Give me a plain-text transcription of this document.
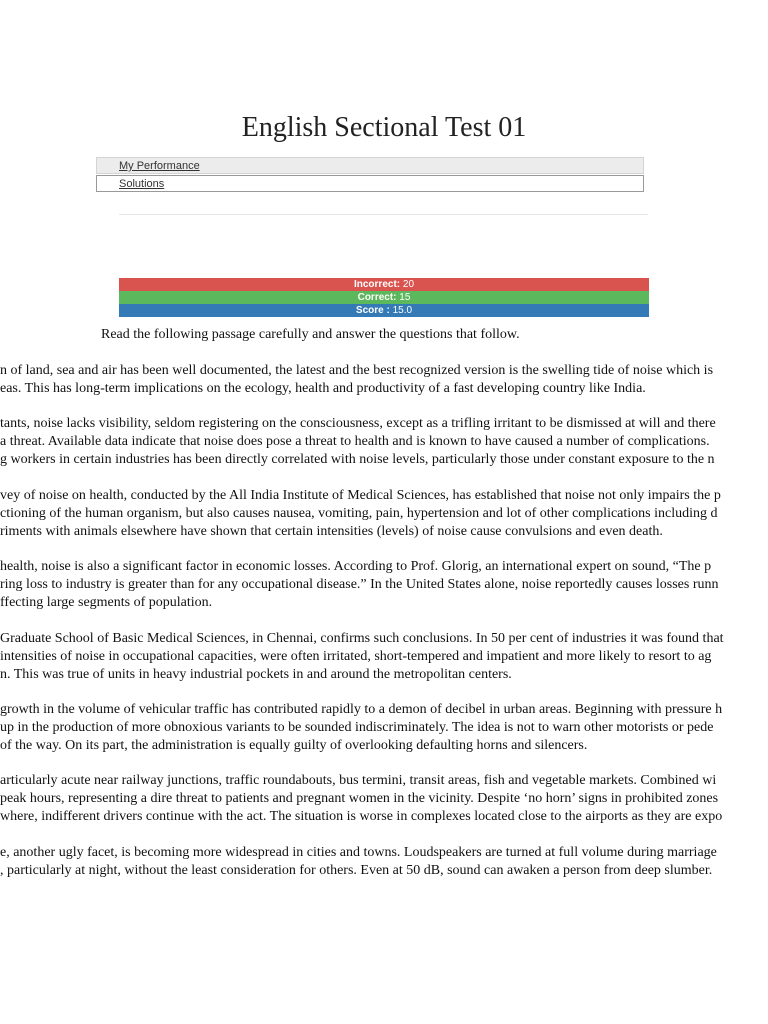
English Sectional Test 01
My Performance
Solutions
Incorrect: 20
Correct: 15
Score : 15.0

Read the following passage carefully and answer the questions that follow.

n of land, sea and air has been well documented, the latest and the best recognized version is the swelling tide of noise which is

eas. This has long-term implications on the ecology, health and productivity of a fast developing country like India.

tants, noise lacks visibility, seldom registering on the consciousness, except as a trifling irritant to be dismissed at will and there

a threat. Available data indicate that noise does pose a threat to health and is known to have caused a number of complications.

g workers in certain industries has been directly correlated with noise levels, particularly those under constant exposure to the n

vey of noise on health, conducted by the All India Institute of Medical Sciences, has established that noise not only impairs the p

ctioning of the human organism, but also causes nausea, vomiting, pain, hypertension and lot of other complications including d

riments with animals elsewhere have shown that certain intensities (levels) of noise cause convulsions and even death.

health, noise is also a significant factor in economic losses. According to Prof. Glorig, an international expert on sound, “The p

ring loss to industry is greater than for any occupational disease.” In the United States alone, noise reportedly causes losses runn

ffecting large segments of population.

Graduate School of Basic Medical Sciences, in Chennai, confirms such conclusions. In 50 per cent of industries it was found that

intensities of noise in occupational capacities, were often irritated, short-tempered and impatient and more likely to resort to ag

n. This was true of units in heavy industrial pockets in and around the metropolitan centers.

growth in the volume of vehicular traffic has contributed rapidly to a demon of decibel in urban areas. Beginning with pressure h

up in the production of more obnoxious variants to be sounded indiscriminately. The idea is not to warn other motorists or pede

of the way. On its part, the administration is equally guilty of overlooking defaulting horns and silencers.

articularly acute near railway junctions, traffic roundabouts, bus termini, transit areas, fish and vegetable markets. Combined wi

peak hours, representing a dire threat to patients and pregnant women in the vicinity. Despite ‘no horn’ signs in prohibited zones

where, indifferent drivers continue with the act. The situation is worse in complexes located close to the airports as they are expo

e, another ugly facet, is becoming more widespread in cities and towns. Loudspeakers are turned at full volume during marriage

, particularly at night, without the least consideration for others. Even at 50 dB, sound can awaken a person from deep slumber.
